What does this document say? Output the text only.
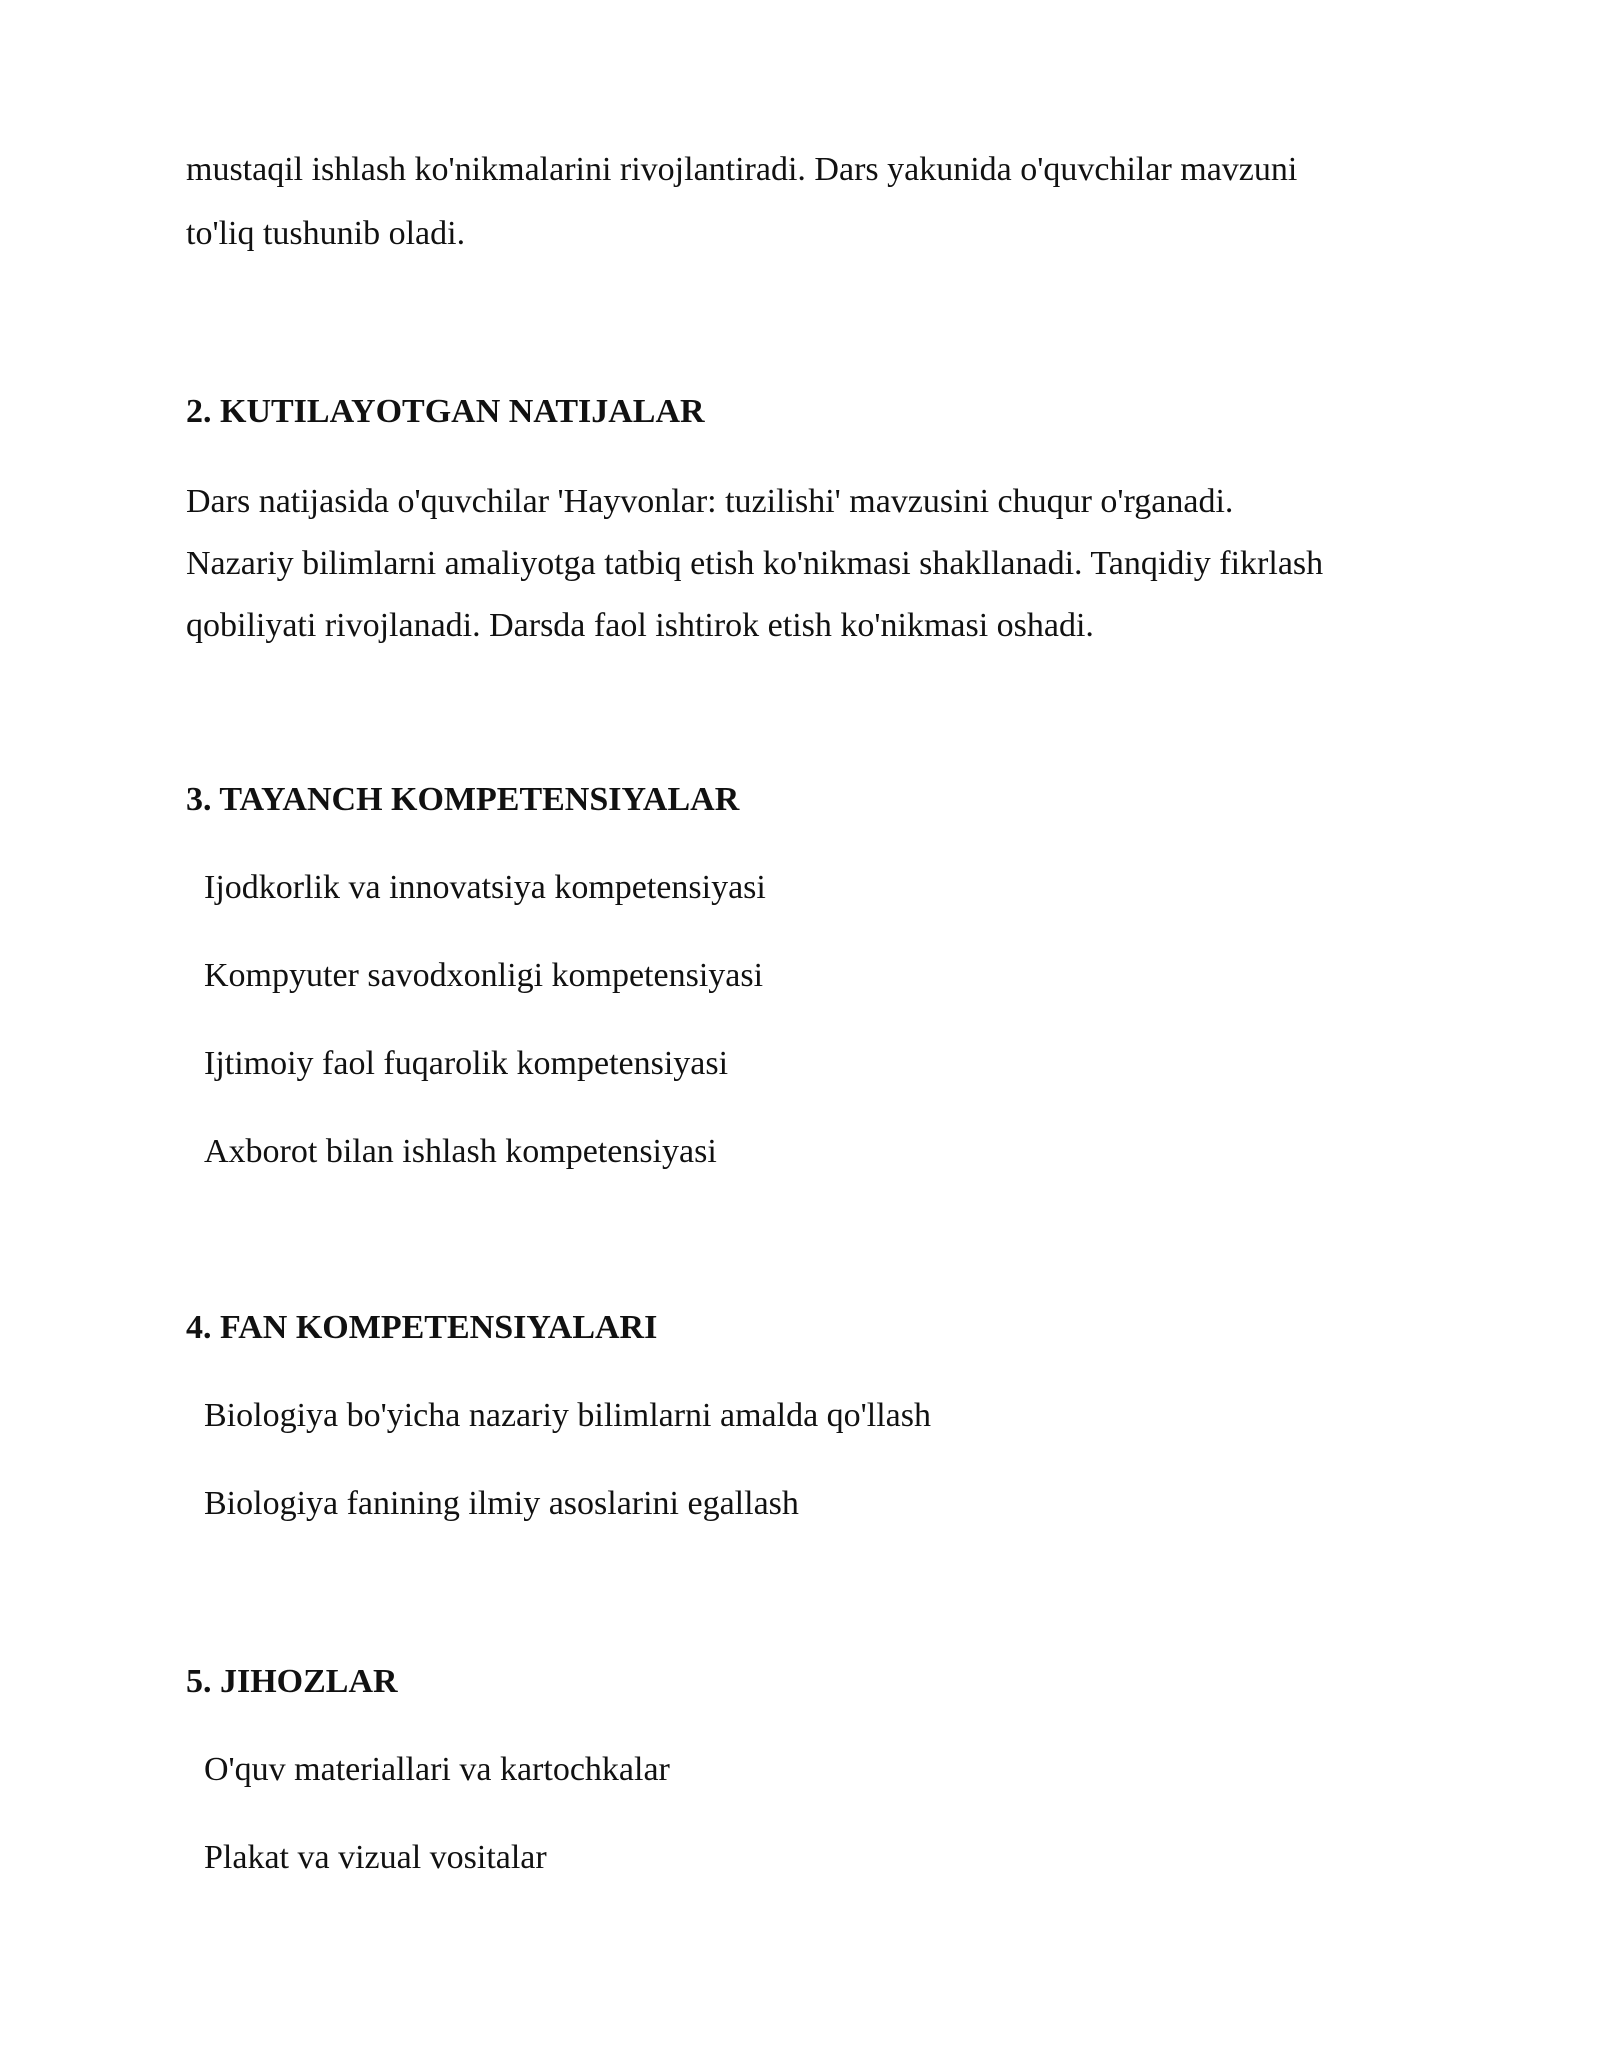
mustaqil ishlash ko'nikmalarini rivojlantiradi. Dars yakunida o'quvchilar mavzuni

to'liq tushunib oladi.

2. KUTILAYOTGAN NATIJALAR

Dars natijasida o'quvchilar 'Hayvonlar: tuzilishi' mavzusini chuqur o'rganadi.

Nazariy bilimlarni amaliyotga tatbiq etish ko'nikmasi shakllanadi. Tanqidiy fikrlash

qobiliyati rivojlanadi. Darsda faol ishtirok etish ko'nikmasi oshadi.

3. TAYANCH KOMPETENSIYALAR

Ijodkorlik va innovatsiya kompetensiyasi

Kompyuter savodxonligi kompetensiyasi

Ijtimoiy faol fuqarolik kompetensiyasi

Axborot bilan ishlash kompetensiyasi

4. FAN KOMPETENSIYALARI

Biologiya bo'yicha nazariy bilimlarni amalda qo'llash

Biologiya fanining ilmiy asoslarini egallash

5. JIHOZLAR

O'quv materiallari va kartochkalar

Plakat va vizual vositalar
